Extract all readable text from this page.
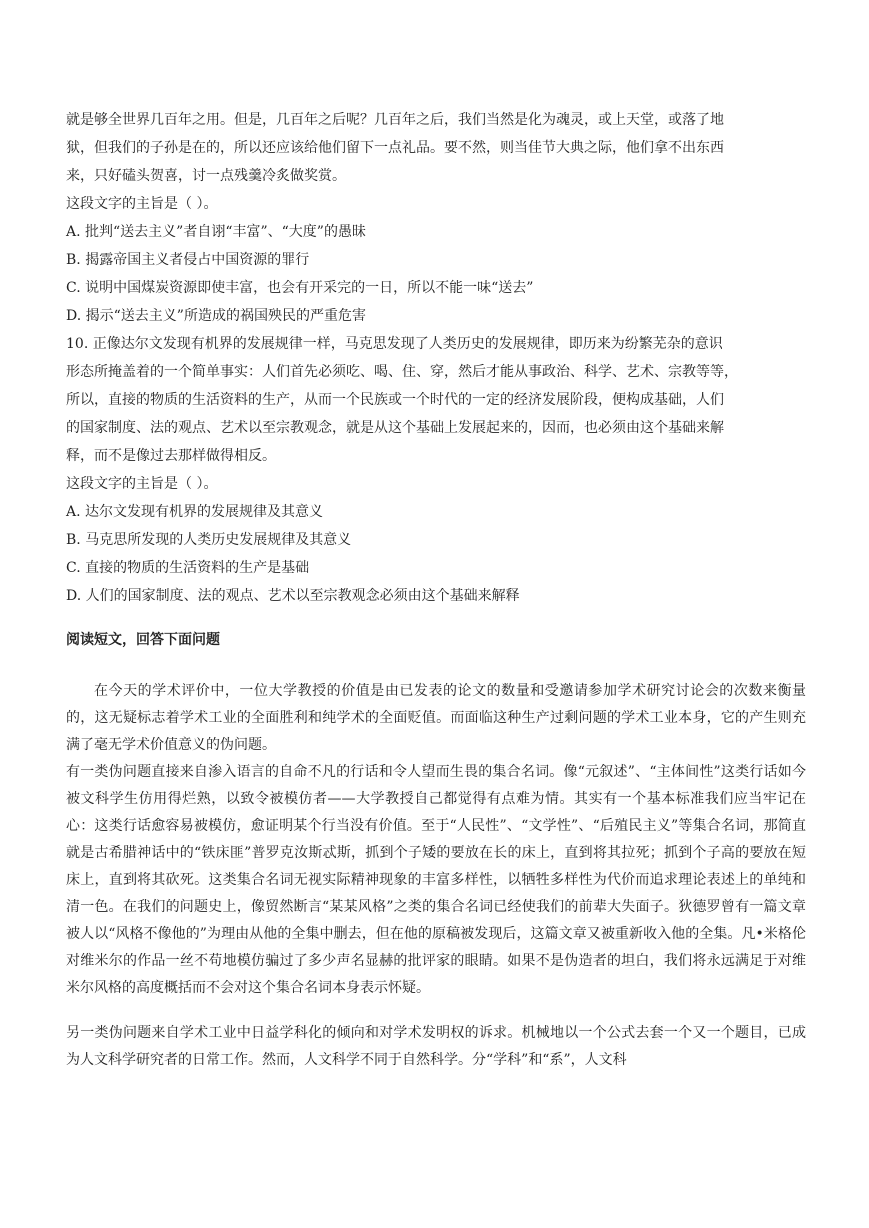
就是够全世界几百年之用。但是，几百年之后呢？几百年之后，我们当然是化为魂灵，或上天堂，或落了地
狱，但我们的子孙是在的，所以还应该给他们留下一点礼品。要不然，则当佳节大典之际，他们拿不出东西
来，只好磕头贺喜，讨一点残羹冷炙做奖赏。
这段文字的主旨是（ ）。
A. 批判“送去主义”者自诩“丰富”、“大度”的愚昧
B. 揭露帝国主义者侵占中国资源的罪行
C. 说明中国煤炭资源即使丰富，也会有开采完的一日，所以不能一味“送去”
D. 揭示“送去主义”所造成的祸国殃民的严重危害
10. 正像达尔文发现有机界的发展规律一样，马克思发现了人类历史的发展规律，即历来为纷繁芜杂的意识
形态所掩盖着的一个简单事实：人们首先必须吃、喝、住、穿，然后才能从事政治、科学、艺术、宗教等等，
所以，直接的物质的生活资料的生产，从而一个民族或一个时代的一定的经济发展阶段，便构成基础，人们
的国家制度、法的观点、艺术以至宗教观念，就是从这个基础上发展起来的，因而，也必须由这个基础来解
释，而不是像过去那样做得相反。
这段文字的主旨是（ ）。
A. 达尔文发现有机界的发展规律及其意义
B. 马克思所发现的人类历史发展规律及其意义
C. 直接的物质的生活资料的生产是基础
D. 人们的国家制度、法的观点、艺术以至宗教观念必须由这个基础来解释
阅读短文，回答下面问题
在今天的学术评价中，一位大学教授的价值是由已发表的论文的数量和受邀请参加学术研究讨论会的次数来衡量的，这无疑标志着学术工业的全面胜利和纯学术的全面贬值。而面临这种生产过剩问题的学术工业本身，它的产生则充满了毫无学术价值意义的伪问题。
有一类伪问题直接来自渗入语言的自命不凡的行话和令人望而生畏的集合名词。像“元叙述”、“主体间性”这类行话如今被文科学生仿用得烂熟，以致令被模仿者——大学教授自己都觉得有点难为情。其实有一个基本标准我们应当牢记在心：这类行话愈容易被模仿，愈证明某个行当没有价值。至于“人民性”、“文学性”、“后殖民主义”等集合名词，那简直就是古希腊神话中的“铁床匪”普罗克汝斯忒斯，抓到个子矮的要放在长的床上，直到将其拉死；抓到个子高的要放在短床上，直到将其砍死。这类集合名词无视实际精神现象的丰富多样性，以牺牲多样性为代价而追求理论表述上的单纯和清一色。在我们的问题史上，像贸然断言“某某风格”之类的集合名词已经使我们的前辈大失面子。狄德罗曾有一篇文章被人以“风格不像他的”为理由从他的全集中删去，但在他的原稿被发现后，这篇文章又被重新收入他的全集。凡•米格伦对维米尔的作品一丝不苟地模仿骗过了多少声名显赫的批评家的眼睛。如果不是伪造者的坦白，我们将永远满足于对维米尔风格的高度概括而不会对这个集合名词本身表示怀疑。
另一类伪问题来自学术工业中日益学科化的倾向和对学术发明权的诉求。机械地以一个公式去套一个又一个题目，已成为人文科学研究者的日常工作。然而，人文科学不同于自然科学。分“学科”和“系”，人文科
